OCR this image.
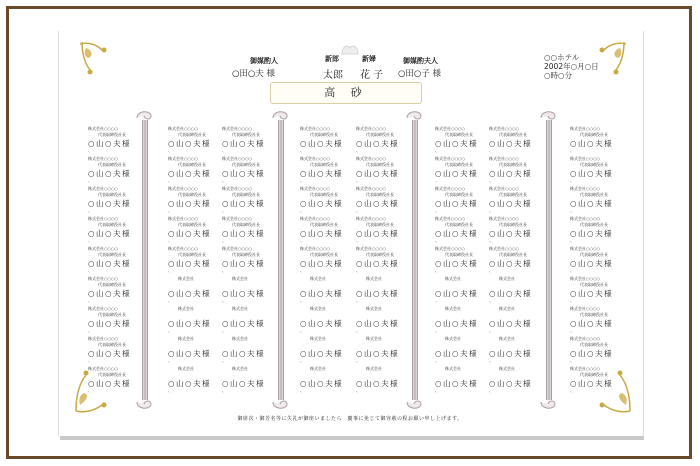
御媒酌人	新郎	新婦	御媒酌夫人
○田○夫 様	太郎 花 子 ○田○子 様
○○ホテル
2002年○月○日
○時○分
高 砂
株式会社○○○○
代表取締役社長
○山○夫様
、
株式会社○○○○
代表取締役社長
○山○夫様
、
株式会社○○○○
代表取締役社長
○山○夫様
、
株式会社○○○○
代表取締役社長
○山○夫様
、
株式会社○○○○
代表取締役社長
○山○夫様
、
株式会社○○○○
代表取締役社長
○山○夫様
、
株式会社○○○○
代表取締役社長
○山○夫様
、
株式会社○○○○
代表取締役社長
○山○夫様
、
株式会社○○○○
代表取締役社長
○山○夫様
、
株式会社○○○○
代表取締役社長
○山○夫様
、
株式会社○○○○
代表取締役社長
○山○夫様
、
株式会社○○○○
代表取締役社長
○山○夫様
、
株式会社○○○○
代表取締役社長
○山○夫様
、
株式会社○○○○
代表取締役社長
○山○夫様
、
株式会社
○山○夫様
、
株式会社
○山○夫様
、
株式会社
○山○夫様
、
株式会社
○山○夫様
、
株式会社○○○○
代表取締役社長
○山○夫様
、
株式会社○○○○
代表取締役社長
○山○夫様
、
株式会社○○○○
代表取締役社長
○山○夫様
、
株式会社○○○○
代表取締役社長
○山○夫様
、
株式会社○○○○
代表取締役社長
○山○夫様
、
株式会社
○山○夫様
、
株式会社
○山○夫様
、
株式会社
○山○夫様
、
株式会社
○山○夫様
、
株式会社○○○○
代表取締役社長
○山○夫様
、
株式会社○○○○
代表取締役社長
○山○夫様
、
株式会社○○○○
代表取締役社長
○山○夫様
、
株式会社○○○○
代表取締役社長
○山○夫様
、
株式会社○○○○
代表取締役社長
○山○夫様
、
株式会社
○山○夫様
、
株式会社
○山○夫様
、
株式会社
○山○夫様
、
株式会社
○山○夫様
、
株式会社○○○○
代表取締役社長
○山○夫様
、
株式会社○○○○
代表取締役社長
○山○夫様
、
株式会社○○○○
代表取締役社長
○山○夫様
、
株式会社○○○○
代表取締役社長
○山○夫様
、
株式会社○○○○
代表取締役社長
○山○夫様
、
株式会社
○山○夫様
、
株式会社
○山○夫様
、
株式会社
○山○夫様
、
株式会社
○山○夫様
、
株式会社○○○○
代表取締役社長
○山○夫様
、
株式会社○○○○
代表取締役社長
○山○夫様
、
株式会社○○○○
代表取締役社長
○山○夫様
、
株式会社○○○○
代表取締役社長
○山○夫様
、
株式会社○○○○
代表取締役社長
○山○夫様
、
株式会社
○山○夫様
、
株式会社
○山○夫様
、
株式会社
○山○夫様
、
株式会社
○山○夫様
、
株式会社○○○○
代表取締役社長
○山○夫様
、
株式会社○○○○
代表取締役社長
○山○夫様
、
株式会社○○○○
代表取締役社長
○山○夫様
、
株式会社○○○○
代表取締役社長
○山○夫様
、
株式会社○○○○
代表取締役社長
○山○夫様
、
株式会社
○山○夫様
、
株式会社
○山○夫様
、
株式会社
○山○夫様
、
株式会社
○山○夫様
、
株式会社○○○○
代表取締役社長
○山○夫様
、
株式会社○○○○
代表取締役社長
○山○夫様
、
株式会社○○○○
代表取締役社長
○山○夫様
、
株式会社○○○○
代表取締役社長
○山○夫様
、
株式会社○○○○
代表取締役社長
○山○夫様
、
株式会社○○○○
代表取締役社長
○山○夫様
、
株式会社○○○○
代表取締役社長
○山○夫様
、
株式会社○○○○
代表取締役社長
○山○夫様
、
株式会社○○○○
代表取締役社長
○山○夫様
、
御席次・御芳名等に失礼が御座いましたら　慶事に免じて御容赦の程お願い申し上げます。
